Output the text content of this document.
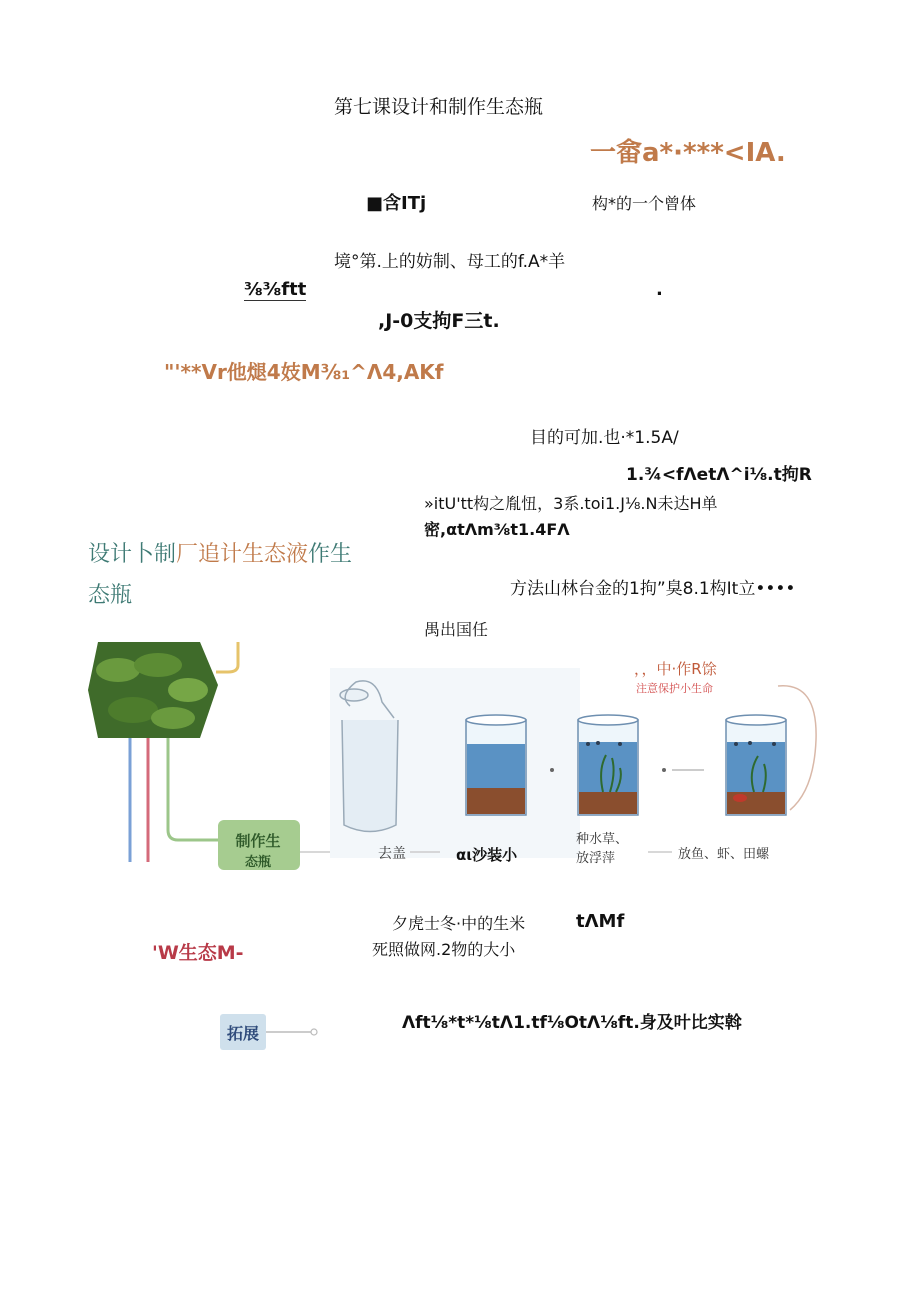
第七课设计和制作生态瓶
一畲a*·***<IA.
■含ITj	构*的一个曾体
境°第.上的妨制、母工的f.A*羊
⅜⅜ftt	.
,J-0支拘F三t.
"'**Vr他煺4妓M⅜₁^Λ4,AKf
目的可加.也·*1.5A/
1.¾<fΛetΛ^i⅛.t拘R
»itU'tt构之胤忸，3系.toi1.J⅛.N未达H单
密,αtΛm⅜t1.4FΛ
设计卜制厂追计生态液作生
态瓶	方法山林台金的1拘”臭8.1构It立••••
禺出国任
制作生
态瓶
去盖
种水草、
放浮萍	放鱼、虾、田螺
，，中·作R馀
注意保护小生命
αι沙装小
夕虎士冬·中的生米	tΛMf
死照做网.2物的大小
'W生态M-
拓展	Λft⅛*t*⅛tΛ1.tf⅛OtΛ⅛ft.身及叶比实斡
